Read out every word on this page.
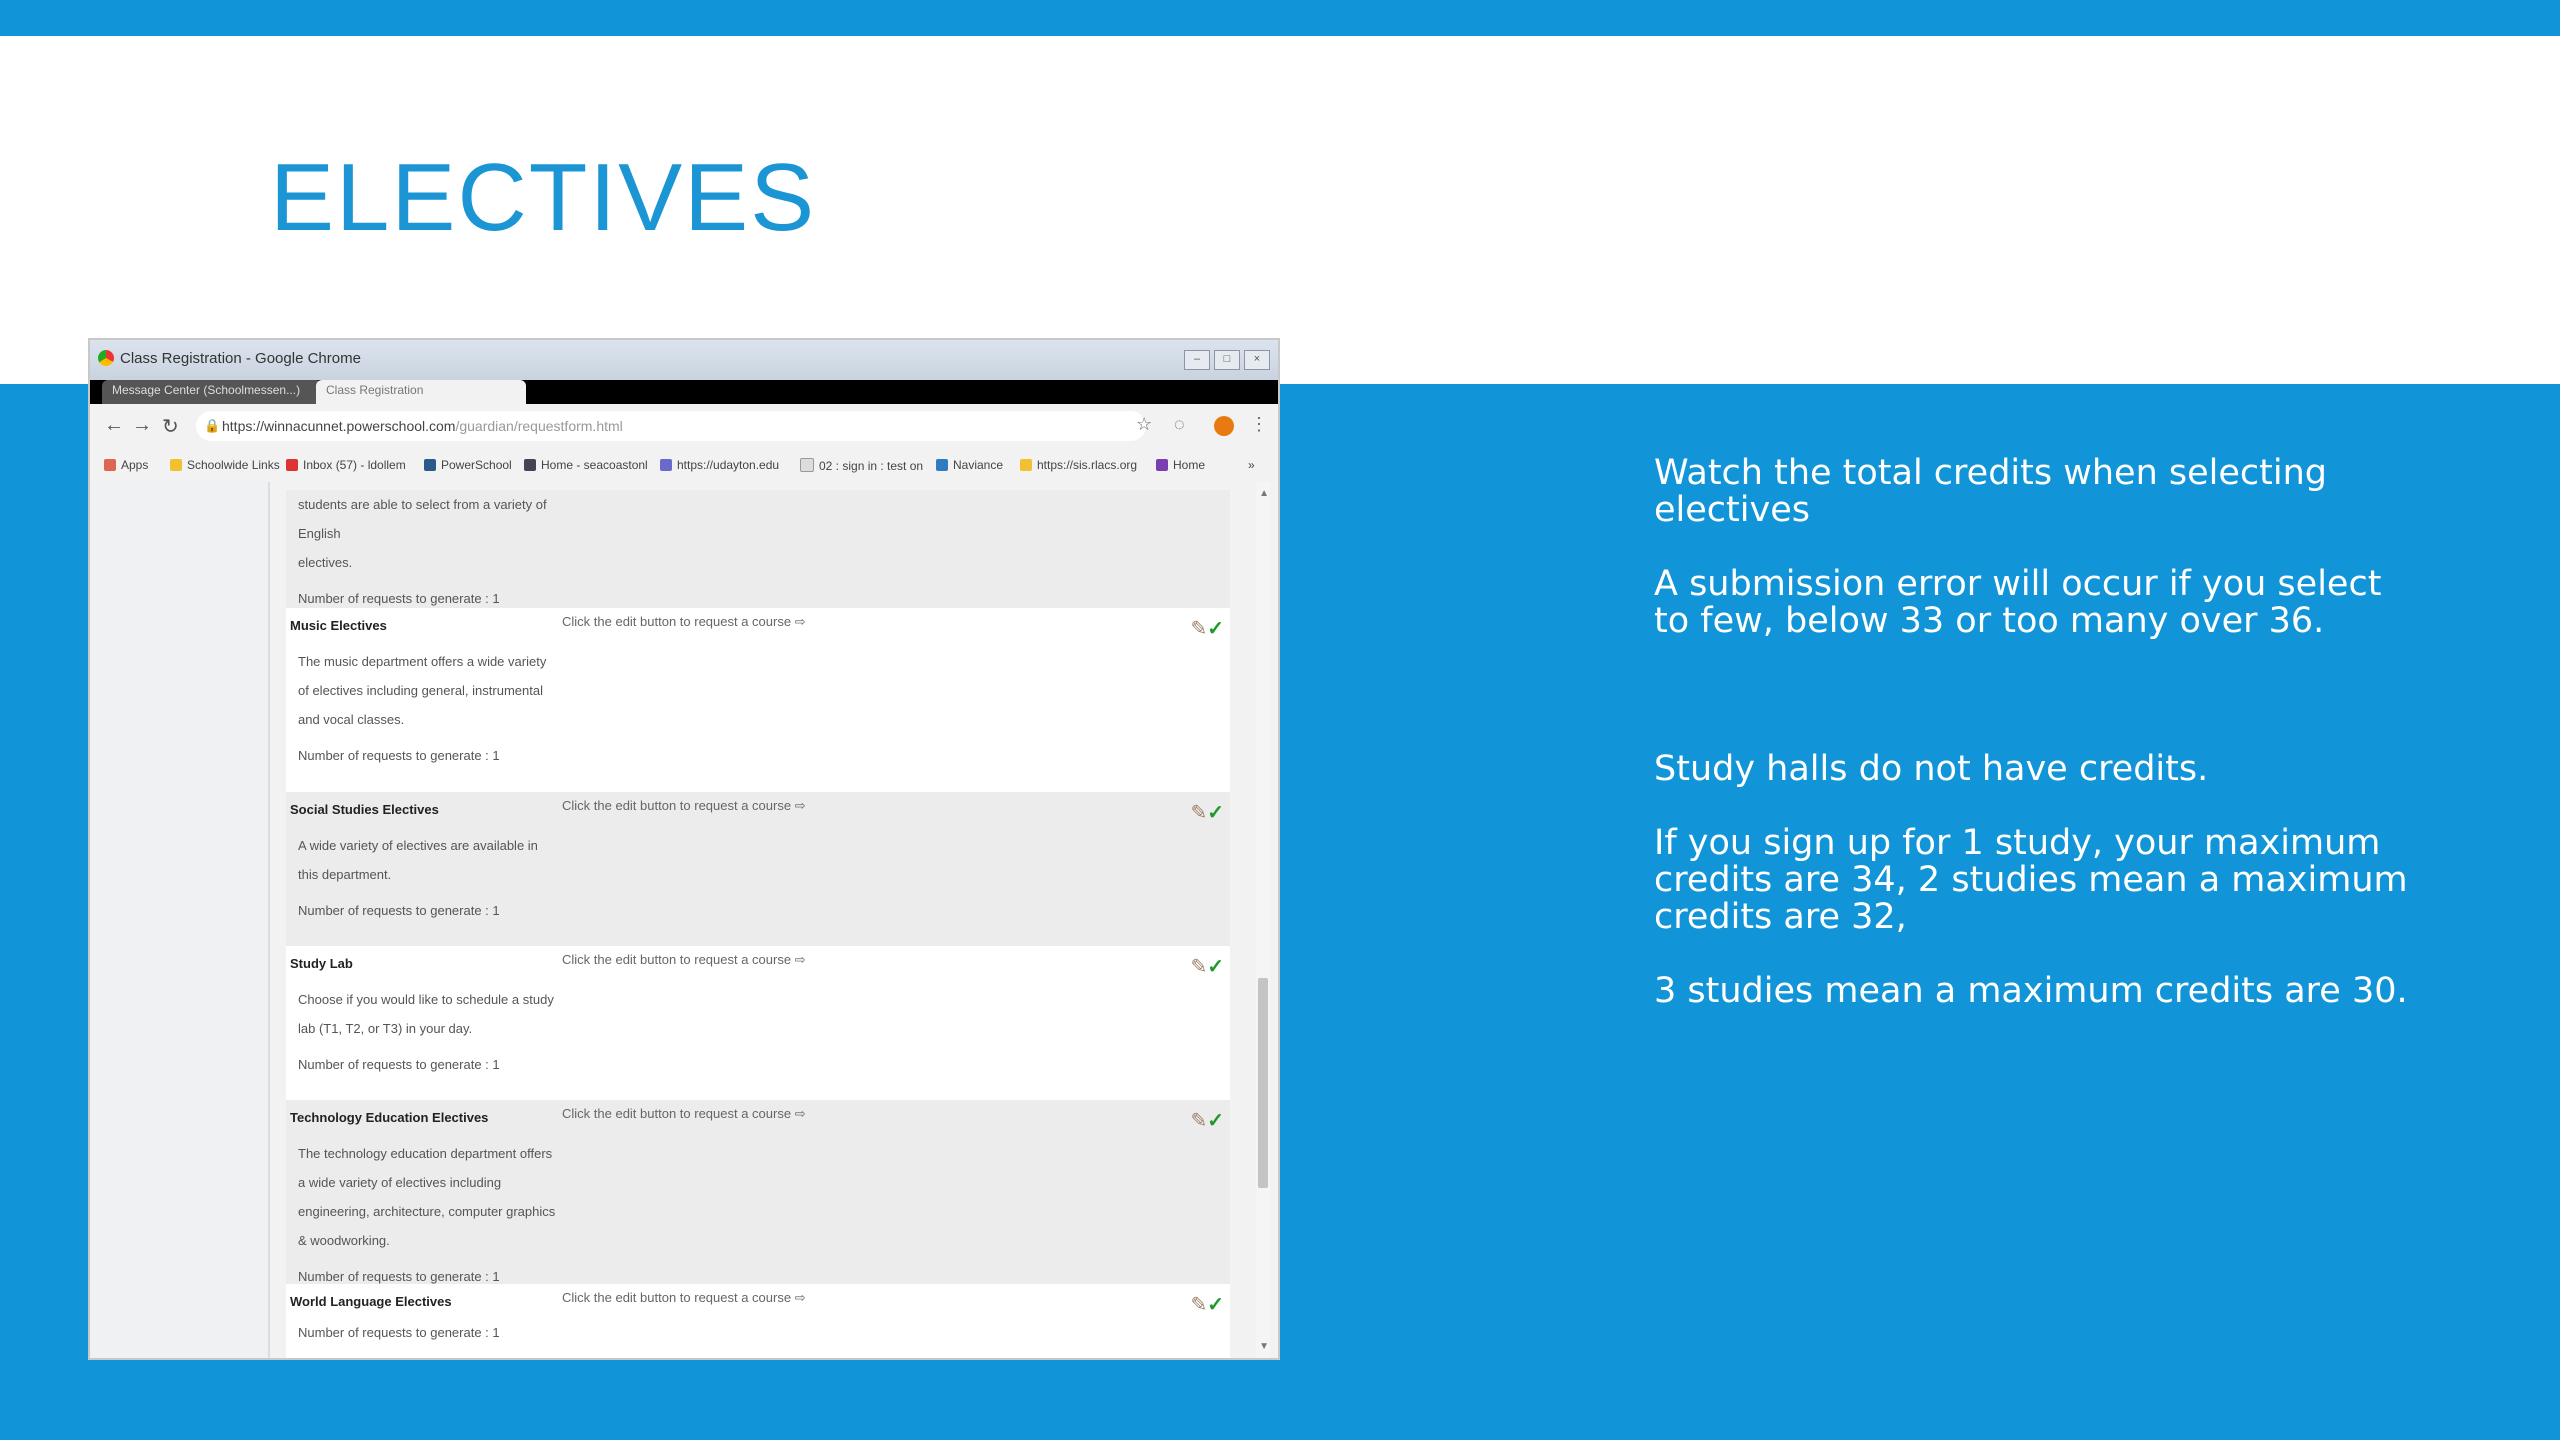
ELECTIVES

Watch the total credits when selecting electives

A submission error will occur if you select to few, below 33 or too many over 36.

Study halls do not have credits.

If you sign up for 1 study, your maximum credits are 34, 2 studies mean a maximum credits are 32,

3 studies mean a maximum credits are 30.

Class Registration - Google Chrome	–	□	×
Message Center (Schoolmessen...)	Class Registration
← → ↻ 🔒 https://winnacunnet.powerschool.com/guardian/requestform.html	☆ ◌	⋮
Apps	Schoolwide Links	Inbox (57) - ldollem	PowerSchool	Home - seacoastonl	https://udayton.edu	02 : sign in : test on	Naviance	https://sis.rlacs.org	Home	»
students are able to select from a variety of English
electives.
Number of requests to generate : 1
Music Electives
The music department offers a wide variety of electives including general, instrumental and vocal classes.
Number of requests to generate : 1
Click the edit button to request a course ⇨	✎✓
Social Studies Electives
A wide variety of electives are available in this department.
Number of requests to generate : 1
Click the edit button to request a course ⇨	✎✓
Study Lab
Choose if you would like to schedule a study lab (T1, T2, or T3) in your day.
Number of requests to generate : 1
Click the edit button to request a course ⇨	✎✓
Technology Education Electives
The technology education department offers a wide variety of electives including engineering, architecture, computer graphics & woodworking.
Number of requests to generate : 1
Click the edit button to request a course ⇨	✎✓
World Language Electives
Number of requests to generate : 1
Click the edit button to request a course ⇨	✎✓
▲
▼
